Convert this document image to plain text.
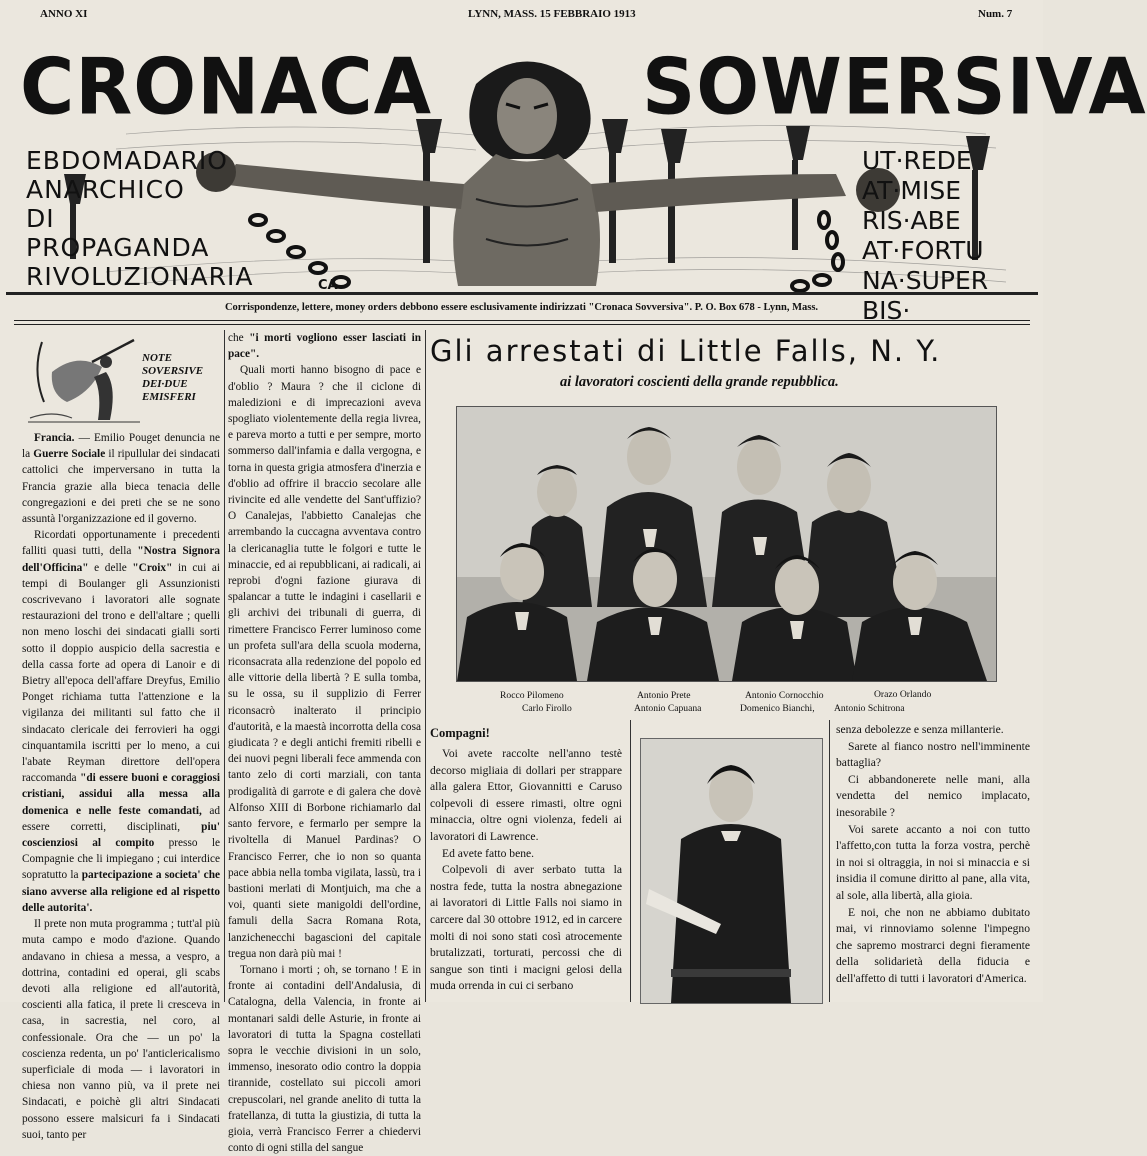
ANNO XI	LYNN, MASS. 15 FEBBRAIO 1913	Num. 7
CRONACA	SOWERSIVA
EBDOMADARIO
ANARCHICO
DI
PROPAGANDA
RIVOLUZIONARIA
UT·REDE
AT·MISE
RIS·ABE
AT·FORTU
NA·SUPER
BIS·
CA
Corrispondenze, lettere, money orders debbono essere esclusivamente indirizzati "Cronaca Sovversiva". P. O. Box 678 - Lynn, Mass.
NOTE
SOVERSIVE
DEI·DUE
EMISFERI

Francia. — Emilio Pouget denuncia ne la Guerre Sociale il ripullular dei sindacati cattolici che imperversano in tutta la Francia grazie alla bieca tenacia delle congregazioni e dei preti che se ne sono assuntà l'organizzazione ed il governo.

Ricordati opportunamente i precedenti falliti quasi tutti, della "Nostra Signora dell'Officina" e delle "Croix" in cui ai tempi di Boulanger gli Assunzionisti coscrivevano i lavoratori alle sognate restaurazioni del trono e dell'altare ; quelli non meno loschi dei sindacati gialli sorti sotto il doppio auspicio della sacrestia e della cassa forte ad opera di Lanoir e di Bietry all'epoca dell'affare Dreyfus, Emilio Ponget richiama tutta l'attenzione e la vigilanza dei militanti sul fatto che il sindacato clericale dei ferrovieri ha oggi cinquantamila iscritti per lo meno, a cui l'abate Reyman direttore dell'opera raccomanda "di essere buoni e coraggiosi cristiani, assidui alla messa alla domenica e nelle feste comandati, ad essere corretti, disciplinati, piu' coscienziosi al compito presso le Compagnie che li impiegano ; cui interdice sopratutto la partecipazione a societa' che siano avverse alla religione ed al rispetto delle autorita'.

Il prete non muta programma ; tutt'al più muta campo e modo d'azione. Quando andavano in chiesa a messa, a vespro, a dottrina, contadini ed operai, gli scabs devoti alla religione ed all'autorità, coscienti alla fatica, il prete li cresceva in casa, in sacrestia, nel coro, al confessionale. Ora che — un po' la coscienza redenta, un po' l'anticlericalismo superficiale di moda — i lavoratori in chiesa non vanno più, va il prete nei Sindacati, e poichè gli altri Sindacati possono essere malsicuri fa i Sindacati suoi, tanto per

che "i morti vogliono esser lasciati in pace".

Quali morti hanno bisogno di pace e d'oblio ? Maura ? che il ciclone di maledizioni e di imprecazioni aveva spogliato violentemente della regia livrea, e pareva morto a tutti e per sempre, morto sommerso dall'infamia e dalla vergogna, e torna in questa grigia atmosfera d'inerzia e d'oblio ad offrire il braccio secolare alle rivincite ed alle vendette del Sant'uffizio? O Canalejas, l'abbietto Canalejas che arrembando la cuccagna avventava contro la clericanaglia tutte le folgori e tutte le minaccie, ed ai repubblicani, ai radicali, ai reprobi d'ogni fazione giurava di spalancar a tutte le indagini i casellarii e gli archivi dei tribunali di guerra, di rimettere Francisco Ferrer luminoso come un profeta sull'ara della scuola moderna, riconsacrata alla redenzione del popolo ed alle vittorie della libertà ? E sulla tomba, su le ossa, su il supplizio di Ferrer riconsacrò inalterato il principio d'autorità, e la maestà incorrotta della cosa giudicata ? e degli antichi fremiti ribelli e dei nuovi pegni liberali fece ammenda con tanto zelo di corti marziali, con tanta prodigalità di garrote e di galera che dovè Alfonso XIII di Borbone richiamarlo dal santo fervore, e fermarlo per sempre la rivoltella di Manuel Pardinas? O Francisco Ferrer, che io non so quanta pace abbia nella tomba vigilata, lassù, tra i bastioni merlati di Montjuich, ma che a voi, quanti siete manigoldi dell'ordine, famuli della Sacra Romana Rota, lanzichenecchi bagascioni del capitale tregua non darà più mai !

Tornano i morti ; oh, se tornano ! E in fronte ai contadini dell'Andalusia, di Catalogna, della Valencia, in fronte ai montanari saldi delle Asturie, in fronte ai lavoratori di tutta la Spagna costellati sopra le vecchie divisioni in un solo, immenso, inesorato odio contro la doppia tirannide, costellato sui piccoli amori crepuscolari, nel grande anelito di tutta la fratellanza, di tutta la giustizia, di tutta la gioia, verrà Francisco Ferrer a chiedervi conto di ogni stilla del sangue

Gli arrestati di Little Falls, N. Y.
ai lavoratori coscienti della grande repubblica.
Rocco Pilomeno
Carlo Firollo
Antonio Prete
Antonio Capuana
Antonio Cornocchio
Domenico Bianchi,
Orazo Orlando
Antonio Schitrona
Compagni!

Voi avete raccolte nell'anno testè decorso migliaia di dollari per strappare alla galera Ettor, Giovannitti e Caruso colpevoli di essere rimasti, oltre ogni minaccia, oltre ogni violenza, fedeli ai lavoratori di Lawrence.

Ed avete fatto bene.

Colpevoli di aver serbato tutta la nostra fede, tutta la nostra abnegazione ai lavoratori di Little Falls noi siamo in carcere dal 30 ottobre 1912, ed in carcere molti di noi sono stati così atrocemente brutalizzati, torturati, percossi che di sangue son tinti i macigni gelosi della muda orrenda in cui ci serbano

senza debolezze e senza millanterie.

Sarete al fianco nostro nell'imminente battaglia?

Ci abbandonerete nelle mani, alla vendetta del nemico implacato, inesorabile ?

Voi sarete accanto a noi con tutto l'affetto,con tutta la forza vostra, perchè in noi si oltraggia, in noi si minaccia e si insidia il comune diritto al pane, alla vita, al sole, alla libertà, alla gioia.

E noi, che non ne abbiamo dubitato mai, vi rinnoviamo solenne l'impegno che sapremo mostrarci degni fieramente della solidarietà della fiducia e dell'affetto di tutti i lavoratori d'America.
